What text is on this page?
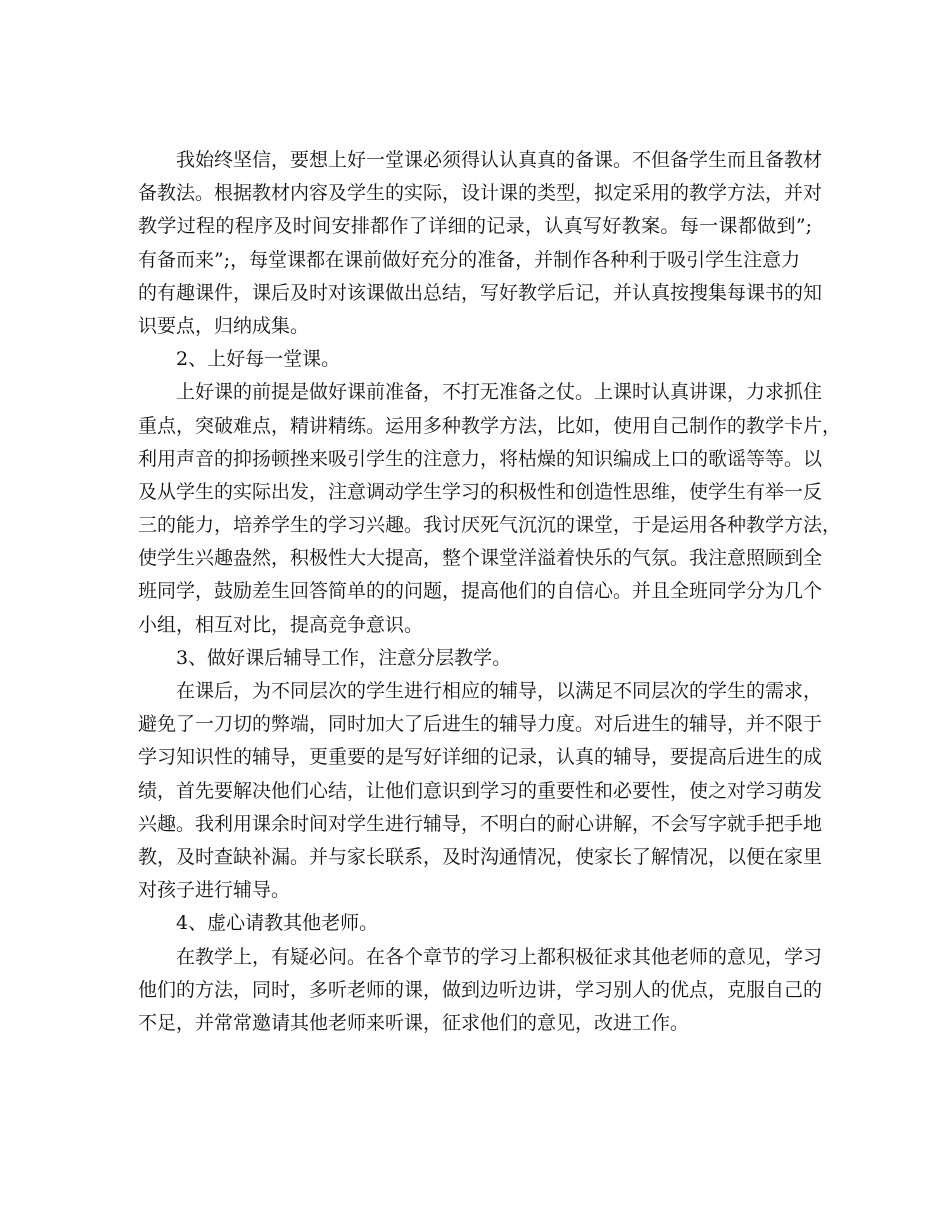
我始终坚信，要想上好一堂课必须得认认真真的备课。不但备学生而且备教材
备教法。根据教材内容及学生的实际，设计课的类型，拟定采用的教学方法，并对
教学过程的程序及时间安排都作了详细的记录，认真写好教案。每一课都做到”;
有备而来”;，每堂课都在课前做好充分的准备，并制作各种利于吸引学生注意力
的有趣课件，课后及时对该课做出总结，写好教学后记，并认真按搜集每课书的知
识要点，归纳成集。
2、上好每一堂课。
上好课的前提是做好课前准备，不打无准备之仗。上课时认真讲课，力求抓住
重点，突破难点，精讲精练。运用多种教学方法，比如，使用自己制作的教学卡片，
利用声音的抑扬顿挫来吸引学生的注意力，将枯燥的知识编成上口的歌谣等等。以
及从学生的实际出发，注意调动学生学习的积极性和创造性思维，使学生有举一反
三的能力，培养学生的学习兴趣。我讨厌死气沉沉的课堂，于是运用各种教学方法，
使学生兴趣盎然，积极性大大提高，整个课堂洋溢着快乐的气氛。我注意照顾到全
班同学，鼓励差生回答简单的的问题，提高他们的自信心。并且全班同学分为几个
小组，相互对比，提高竞争意识。
3、做好课后辅导工作，注意分层教学。
在课后，为不同层次的学生进行相应的辅导，以满足不同层次的学生的需求，
避免了一刀切的弊端，同时加大了后进生的辅导力度。对后进生的辅导，并不限于
学习知识性的辅导，更重要的是写好详细的记录，认真的辅导，要提高后进生的成
绩，首先要解决他们心结，让他们意识到学习的重要性和必要性，使之对学习萌发
兴趣。我利用课余时间对学生进行辅导，不明白的耐心讲解，不会写字就手把手地
教，及时查缺补漏。并与家长联系，及时沟通情况，使家长了解情况，以便在家里
对孩子进行辅导。
4、虚心请教其他老师。
在教学上，有疑必问。在各个章节的学习上都积极征求其他老师的意见，学习
他们的方法，同时，多听老师的课，做到边听边讲，学习别人的优点，克服自己的
不足，并常常邀请其他老师来听课，征求他们的意见，改进工作。
